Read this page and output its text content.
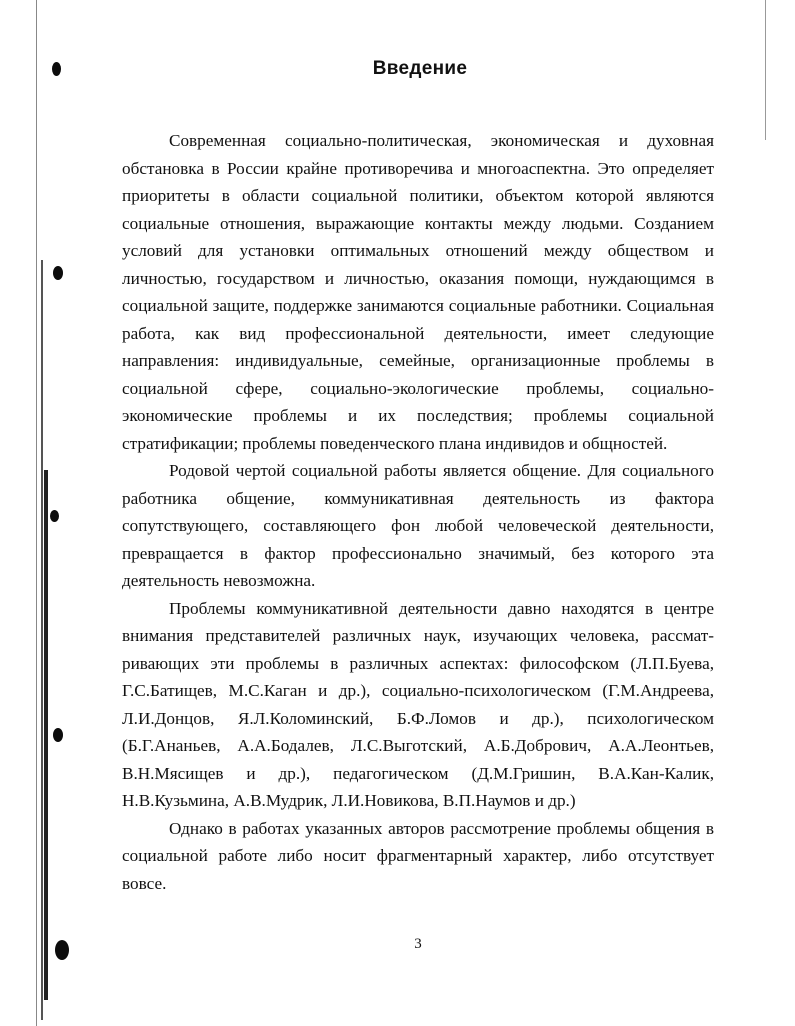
Введение

Современная социально-политическая, экономическая и духовная обстановка в России крайне противоречива и многоаспектна. Это определяет приоритеты в области социальной политики, объектом которой являются социальные отношения, выражающие контакты между людьми. Созданием условий для установки оптимальных отношений между обществом и личностью, государством и личностью, оказания помощи, нуждающимся в социальной защите, поддержке занимаются социальные работники. Социальная работа, как вид профессиональной деятельности, имеет следующие направления: индивидуальные, семейные, организационные проблемы в социальной сфере, социально-экологические проблемы, социально-экономические проблемы и их последствия; проблемы социальной стратификации; проблемы поведенческого плана индивидов и общностей.

Родовой чертой социальной работы является общение. Для социального работника общение, коммуникативная деятельность из фактора сопутствующего, составляющего фон любой человеческой деятельности, превращается в фактор профессионально значимый, без которого эта деятельность невозможна.

Проблемы коммуникативной деятельности давно находятся в центре внимания представителей различных наук, изучающих человека, рассмат-ривающих эти проблемы в различных аспектах: философском (Л.П.Буева, Г.С.Батищев, М.С.Каган и др.), социально-психологическом (Г.М.Андреева, Л.И.Донцов, Я.Л.Коломинский, Б.Ф.Ломов и др.), психологическом (Б.Г.Ананьев, А.А.Бодалев, Л.С.Выготский, А.Б.Добрович, А.А.Леонтьев, В.Н.Мясищев и др.), педагогическом (Д.М.Гришин, В.А.Кан-Калик, Н.В.Кузьмина, А.В.Мудрик, Л.И.Новикова, В.П.Наумов и др.)

Однако в работах указанных авторов рассмотрение проблемы общения в социальной работе либо носит фрагментарный характер, либо отсутствует вовсе.

3
